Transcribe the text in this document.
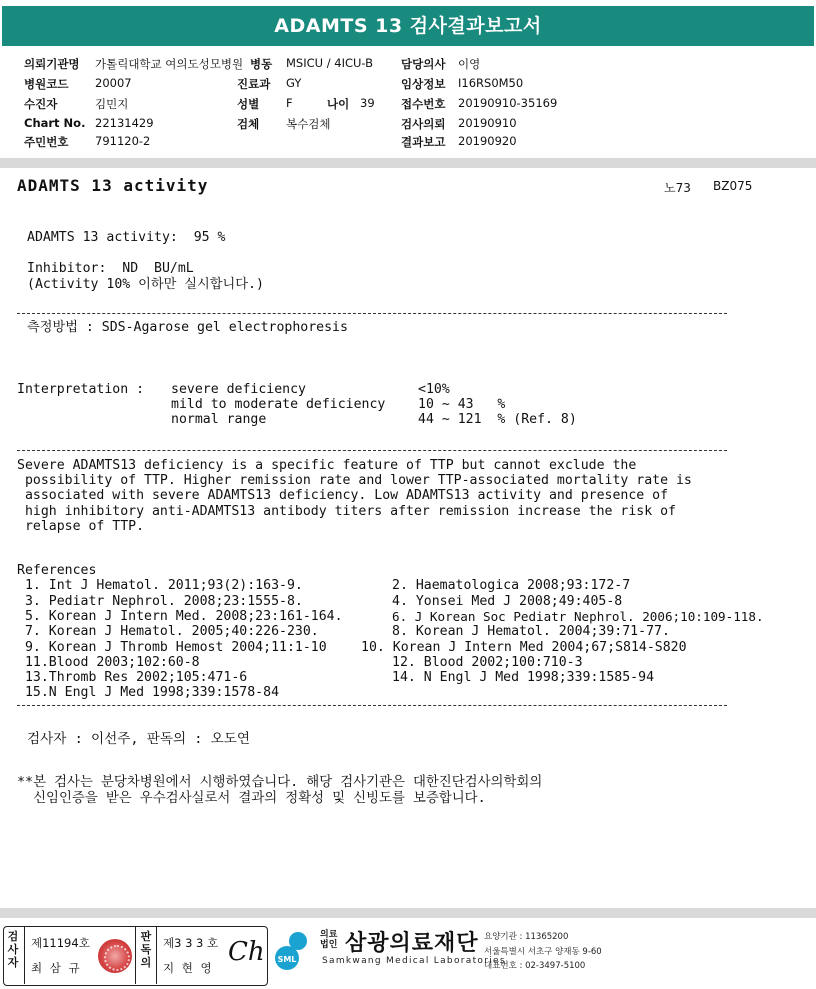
ADAMTS 13 검사결과보고서
의뢰기관명 가톨릭대학교 여의도성모병원 병동 MSICU / 4ICU-B 담당의사 이영
병원코드 20007	진료과 GY	임상정보 I16RS0M50
수진자	김민지	성별 F	나이 39 접수번호 20190910-35169
Chart No. 22131429	검체 복수검체	검사의뢰 20190910
주민번호 791120-2	결과보고 20190920
ADAMTS 13 activity	노73 BZ075
ADAMTS 13 activity:  95 %
Inhibitor:  ND  BU/mL
(Activity 10% 이하만 실시합니다.)
측정방법 : SDS-Agarose gel electrophoresis
Interpretation : severe deficiency	<10%
mild to moderate deficiency 10 ~ 43   %
normal range	44 ~ 121  % (Ref. 8)
Severe ADAMTS13 deficiency is a specific feature of TTP but cannot exclude the
possibility of TTP. Higher remission rate and lower TTP-associated mortality rate is
associated with severe ADAMTS13 deficiency. Low ADAMTS13 activity and presence of
high inhibitory anti-ADAMTS13 antibody titers after remission increase the risk of
relapse of TTP.
References
1. Int J Hematol. 2011;93(2):163-9.	2. Haematologica 2008;93:172-7
3. Pediatr Nephrol. 2008;23:1555-8.	4. Yonsei Med J 2008;49:405-8
5. Korean J Intern Med. 2008;23:161-164.	6. J Korean Soc Pediatr Nephrol. 2006;10:109-118.
7. Korean J Hematol. 2005;40:226-230.	8. Korean J Hematol. 2004;39:71-77.
9. Korean J Thromb Hemost 2004;11:1-10	10. Korean J Intern Med 2004;67;S814-S820
11.Blood 2003;102:60-8	12. Blood 2002;100:710-3
13.Thromb Res 2002;105:471-6	14. N Engl J Med 1998;339:1585-94
15.N Engl J Med 1998;339:1578-84
검사자 : 이선주, 판독의 : 오도연
**본 검사는 분당차병원에서 시행하였습니다. 해당 검사기관은 대한진단검사의학회의
신임인증을 받은 우수검사실로서 결과의 정확성 및 신빙도를 보증합니다.
검사자
제11194호
최 삼 규
판독의
제3 3 3 호
지 현 영
Ch SML
의료
법인 삼광의료재단
Samkwang Medical Laboratories
요양기관 : 11365200
서울특별시 서초구 양재동 9-60
대표번호 : 02-3497-5100
